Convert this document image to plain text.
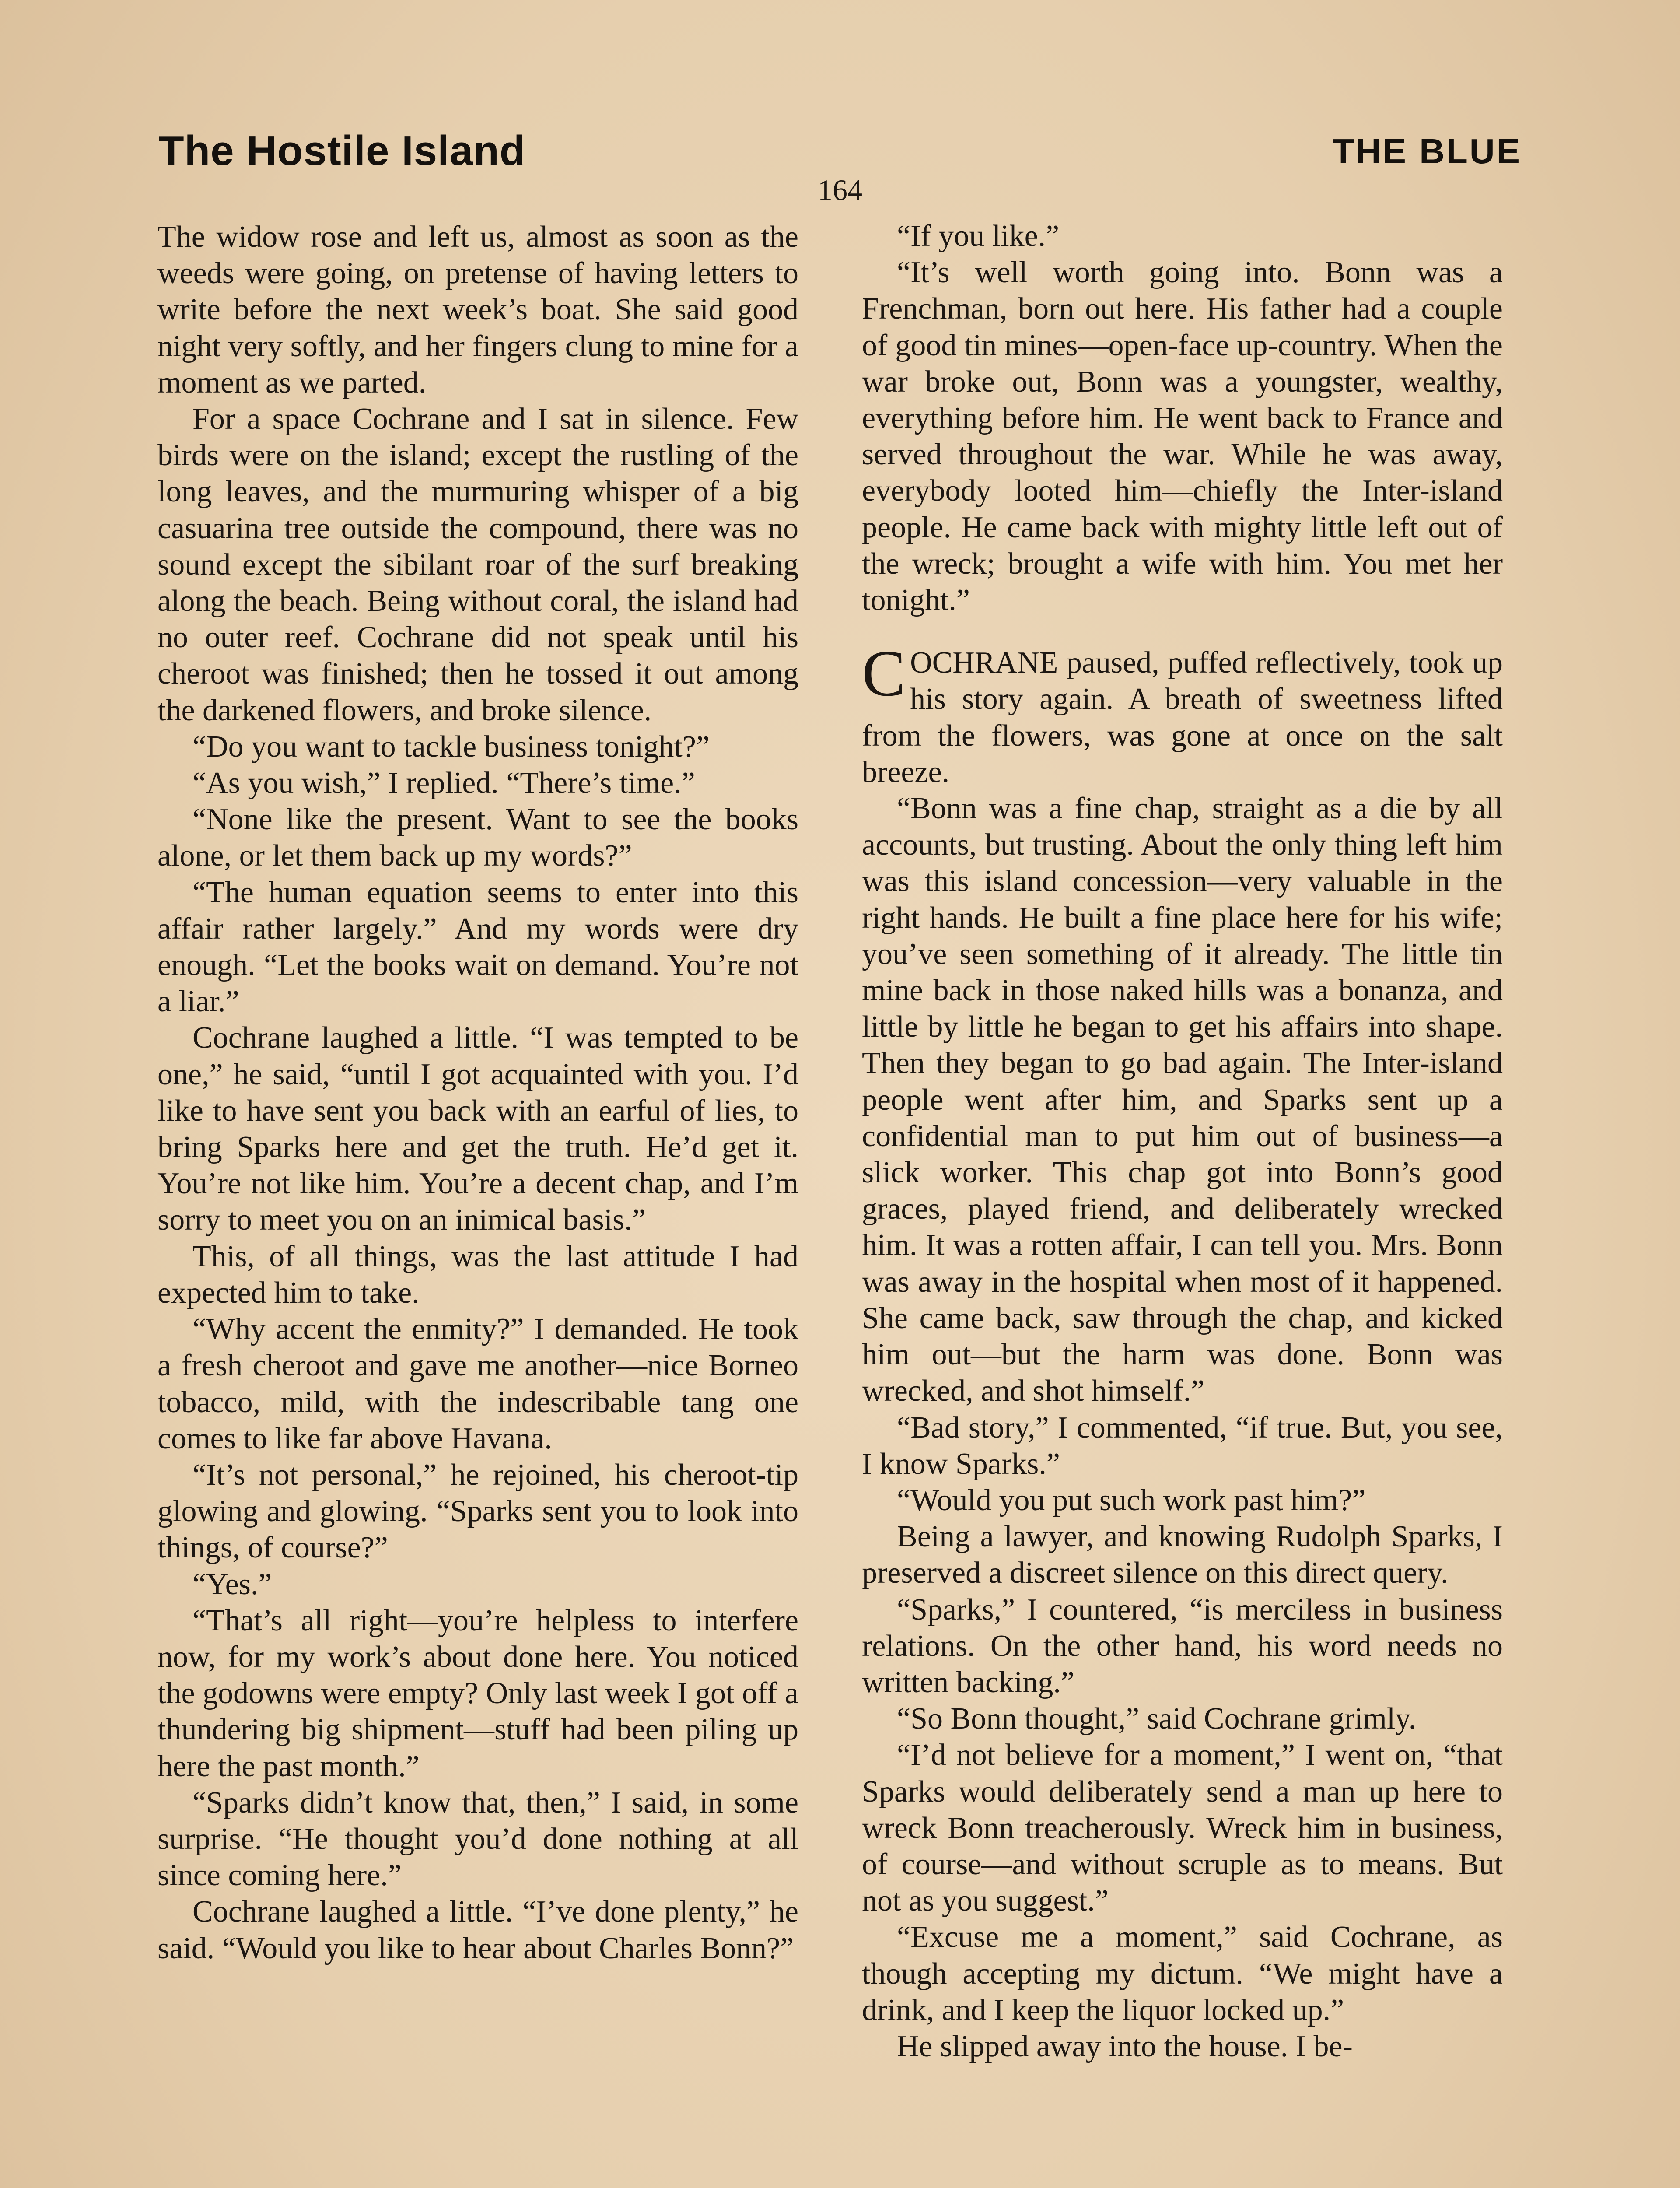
The Hostile Island	THE BLUE
164

The widow rose and left us, almost as soon as the weeds were going, on pretense of having letters to write before the next week’s boat. She said good night very softly, and her fingers clung to mine for a moment as we parted.

For a space Cochrane and I sat in silence. Few birds were on the island; except the rustling of the long leaves, and the murmuring whisper of a big casuarina tree outside the compound, there was no sound except the sibilant roar of the surf breaking along the beach. Being without coral, the island had no outer reef. Cochrane did not speak until his cheroot was finished; then he tossed it out among the darkened flowers, and broke silence.

“Do you want to tackle business tonight?”

“As you wish,” I replied. “There’s time.”

“None like the present. Want to see the books alone, or let them back up my words?”

“The human equation seems to enter into this affair rather largely.” And my words were dry enough. “Let the books wait on demand. You’re not a liar.”

Cochrane laughed a little. “I was tempted to be one,” he said, “until I got acquainted with you. I’d like to have sent you back with an earful of lies, to bring Sparks here and get the truth. He’d get it. You’re not like him. You’re a decent chap, and I’m sorry to meet you on an inimical basis.”

This, of all things, was the last attitude I had expected him to take.

“Why accent the enmity?” I demanded. He took a fresh cheroot and gave me another—nice Borneo tobacco, mild, with the indescribable tang one comes to like far above Havana.

“It’s not personal,” he rejoined, his cheroot-tip glowing and glowing. “Sparks sent you to look into things, of course?”

“Yes.”

“That’s all right—you’re helpless to interfere now, for my work’s about done here. You noticed the godowns were empty? Only last week I got off a thundering big shipment—stuff had been piling up here the past month.”

“Sparks didn’t know that, then,” I said, in some surprise. “He thought you’d done nothing at all since coming here.”

Cochrane laughed a little. “I’ve done plenty,” he said. “Would you like to hear about Charles Bonn?”

“If you like.”

“It’s well worth going into. Bonn was a Frenchman, born out here. His father had a couple of good tin mines—open-face up-country. When the war broke out, Bonn was a youngster, wealthy, everything before him. He went back to France and served throughout the war. While he was away, everybody looted him—chiefly the Inter-island people. He came back with mighty little left out of the wreck; brought a wife with him. You met her tonight.”

COCHRANE paused, puffed reflectively, took up his story again. A breath of sweetness lifted from the flowers, was gone at once on the salt breeze.

“Bonn was a fine chap, straight as a die by all accounts, but trusting. About the only thing left him was this island concession—very valuable in the right hands. He built a fine place here for his wife; you’ve seen something of it already. The little tin mine back in those naked hills was a bonanza, and little by little he began to get his affairs into shape. Then they began to go bad again. The Inter-island people went after him, and Sparks sent up a confidential man to put him out of business—a slick worker. This chap got into Bonn’s good graces, played friend, and deliberately wrecked him. It was a rotten affair, I can tell you. Mrs. Bonn was away in the hospital when most of it happened. She came back, saw through the chap, and kicked him out—but the harm was done. Bonn was wrecked, and shot himself.”

“Bad story,” I commented, “if true. But, you see, I know Sparks.”

“Would you put such work past him?”

Being a lawyer, and knowing Rudolph Sparks, I preserved a discreet silence on this direct query.

“Sparks,” I countered, “is merciless in business relations. On the other hand, his word needs no written backing.”

“So Bonn thought,” said Cochrane grimly.

“I’d not believe for a moment,” I went on, “that Sparks would deliberately send a man up here to wreck Bonn treacherously. Wreck him in business, of course—and without scruple as to means. But not as you suggest.”

“Excuse me a moment,” said Cochrane, as though accepting my dictum. “We might have a drink, and I keep the liquor locked up.”

He slipped away into the house. I be-
